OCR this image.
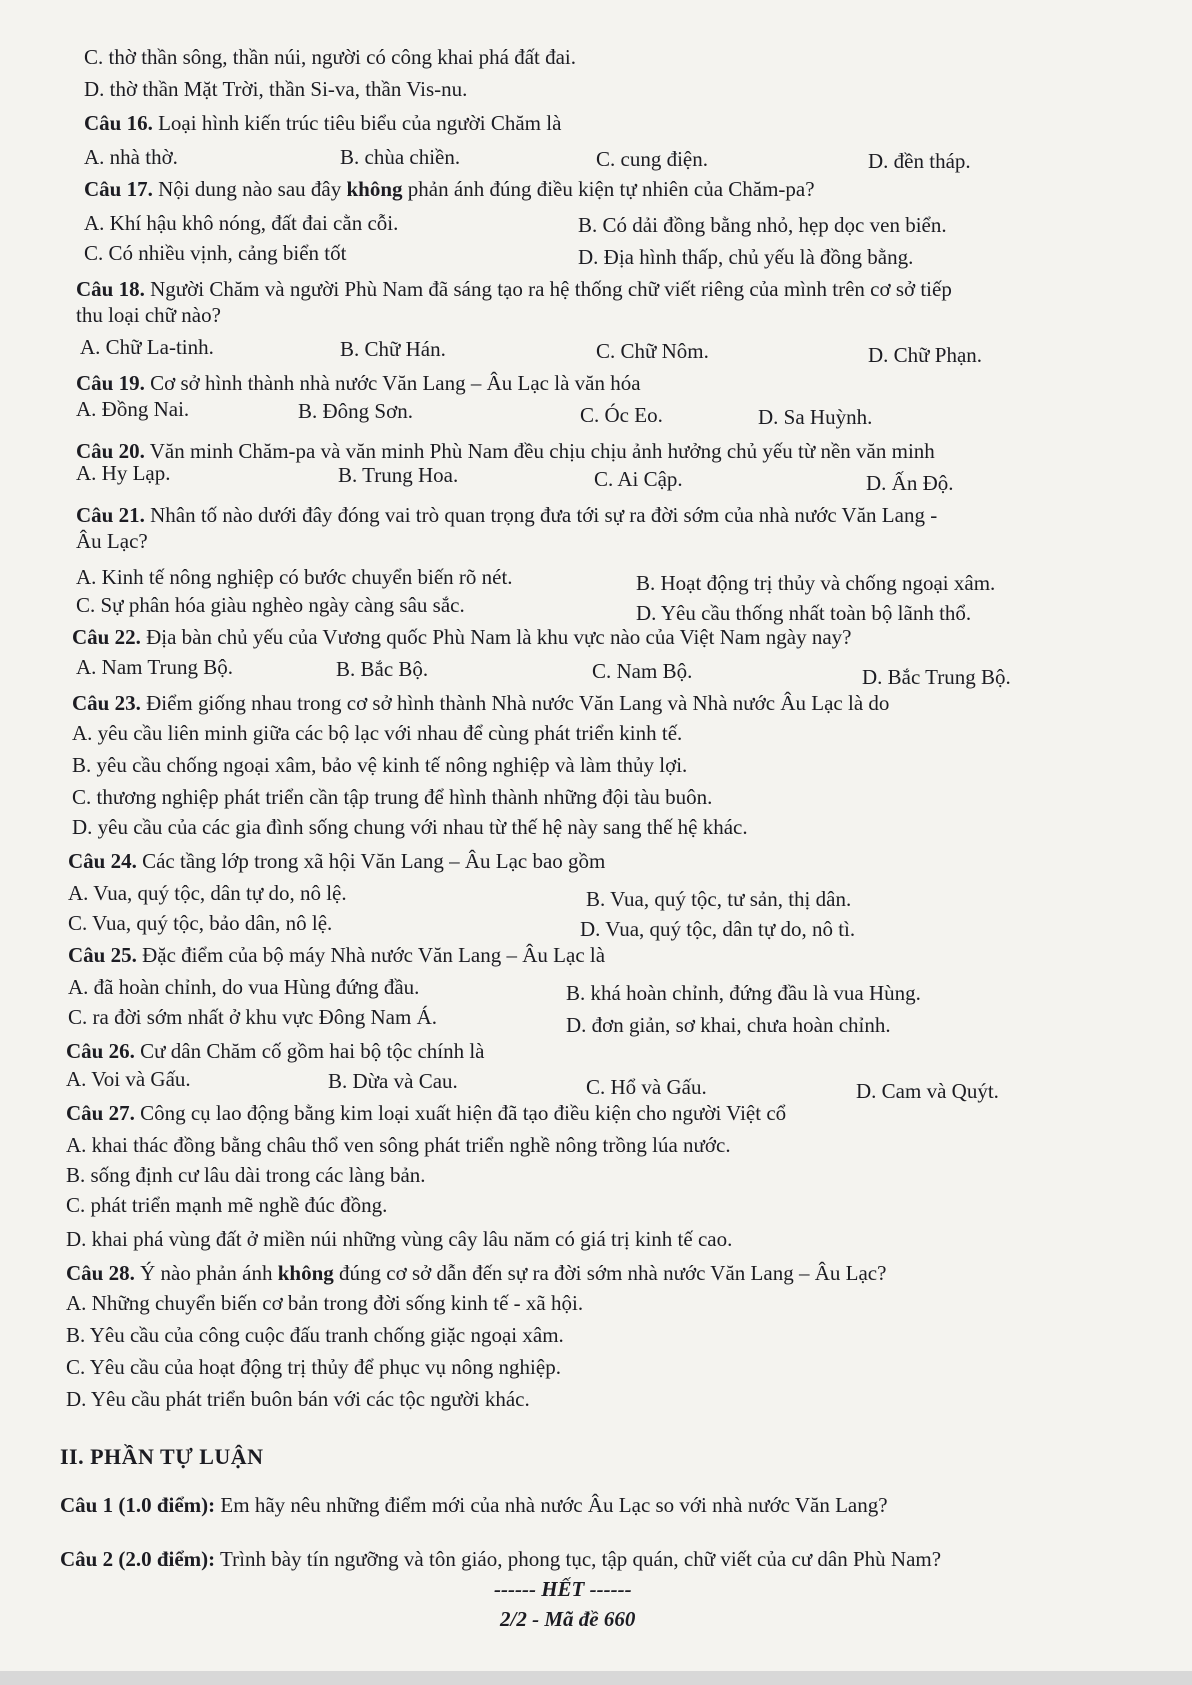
C. thờ thần sông, thần núi, người có công khai phá đất đai.
D. thờ thần Mặt Trời, thần Si-va, thần Vis-nu.
Câu 16. Loại hình kiến trúc tiêu biểu của người Chăm là
A. nhà thờ.	B. chùa chiền.	C. cung điện.	D. đền tháp.
Câu 17. Nội dung nào sau đây không phản ánh đúng điều kiện tự nhiên của Chăm-pa?
A. Khí hậu khô nóng, đất đai cằn cỗi.	B. Có dải đồng bằng nhỏ, hẹp dọc ven biển.
C. Có nhiều vịnh, cảng biển tốt	D. Địa hình thấp, chủ yếu là đồng bằng.
Câu 18. Người Chăm và người Phù Nam đã sáng tạo ra hệ thống chữ viết riêng của mình trên cơ sở tiếp
thu loại chữ nào?
A. Chữ La-tinh.	B. Chữ Hán.	C. Chữ Nôm.	D. Chữ Phạn.
Câu 19. Cơ sở hình thành nhà nước Văn Lang – Âu Lạc là văn hóa
A. Đồng Nai.	B. Đông Sơn.	C. Óc Eo.	D. Sa Huỳnh.
Câu 20. Văn minh Chăm-pa và văn minh Phù Nam đều chịu chịu ảnh hưởng chủ yếu từ nền văn minh
A. Hy Lạp.	B. Trung Hoa.	C. Ai Cập.	D. Ấn Độ.
Câu 21. Nhân tố nào dưới đây đóng vai trò quan trọng đưa tới sự ra đời sớm của nhà nước Văn Lang -
Âu Lạc?
A. Kinh tế nông nghiệp có bước chuyển biến rõ nét.	B. Hoạt động trị thủy và chống ngoại xâm.
C. Sự phân hóa giàu nghèo ngày càng sâu sắc.	D. Yêu cầu thống nhất toàn bộ lãnh thổ.
Câu 22. Địa bàn chủ yếu của Vương quốc Phù Nam là khu vực nào của Việt Nam ngày nay?
A. Nam Trung Bộ.	B. Bắc Bộ.	C. Nam Bộ.	D. Bắc Trung Bộ.
Câu 23. Điểm giống nhau trong cơ sở hình thành Nhà nước Văn Lang và Nhà nước Âu Lạc là do
A. yêu cầu liên minh giữa các bộ lạc với nhau để cùng phát triển kinh tế.
B. yêu cầu chống ngoại xâm, bảo vệ kinh tế nông nghiệp và làm thủy lợi.
C. thương nghiệp phát triển cần tập trung để hình thành những đội tàu buôn.
D. yêu cầu của các gia đình sống chung với nhau từ thế hệ này sang thế hệ khác.
Câu 24. Các tầng lớp trong xã hội Văn Lang – Âu Lạc bao gồm
A. Vua, quý tộc, dân tự do, nô lệ.	B. Vua, quý tộc, tư sản, thị dân.
C. Vua, quý tộc, bảo dân, nô lệ.	D. Vua, quý tộc, dân tự do, nô tì.
Câu 25. Đặc điểm của bộ máy Nhà nước Văn Lang – Âu Lạc là
A. đã hoàn chỉnh, do vua Hùng đứng đầu.	B. khá hoàn chỉnh, đứng đầu là vua Hùng.
C. ra đời sớm nhất ở khu vực Đông Nam Á.	D. đơn giản, sơ khai, chưa hoàn chỉnh.
Câu 26. Cư dân Chăm cố gồm hai bộ tộc chính là
A. Voi và Gấu.	B. Dừa và Cau.	C. Hổ và Gấu.	D. Cam và Quýt.
Câu 27. Công cụ lao động bằng kim loại xuất hiện đã tạo điều kiện cho người Việt cổ
A. khai thác đồng bằng châu thổ ven sông phát triển nghề nông trồng lúa nước.
B. sống định cư lâu dài trong các làng bản.
C. phát triển mạnh mẽ nghề đúc đồng.
D. khai phá vùng đất ở miền núi những vùng cây lâu năm có giá trị kinh tế cao.
Câu 28. Ý nào phản ánh không đúng cơ sở dẫn đến sự ra đời sớm nhà nước Văn Lang – Âu Lạc?
A. Những chuyển biến cơ bản trong đời sống kinh tế - xã hội.
B. Yêu cầu của công cuộc đấu tranh chống giặc ngoại xâm.
C. Yêu cầu của hoạt động trị thủy để phục vụ nông nghiệp.
D. Yêu cầu phát triển buôn bán với các tộc người khác.
II. PHẦN TỰ LUẬN
Câu 1 (1.0 điểm): Em hãy nêu những điểm mới của nhà nước Âu Lạc so với nhà nước Văn Lang?
Câu 2 (2.0 điểm): Trình bày tín ngưỡng và tôn giáo, phong tục, tập quán, chữ viết của cư dân Phù Nam?
------ HẾT ------
2/2 - Mã đề 660
